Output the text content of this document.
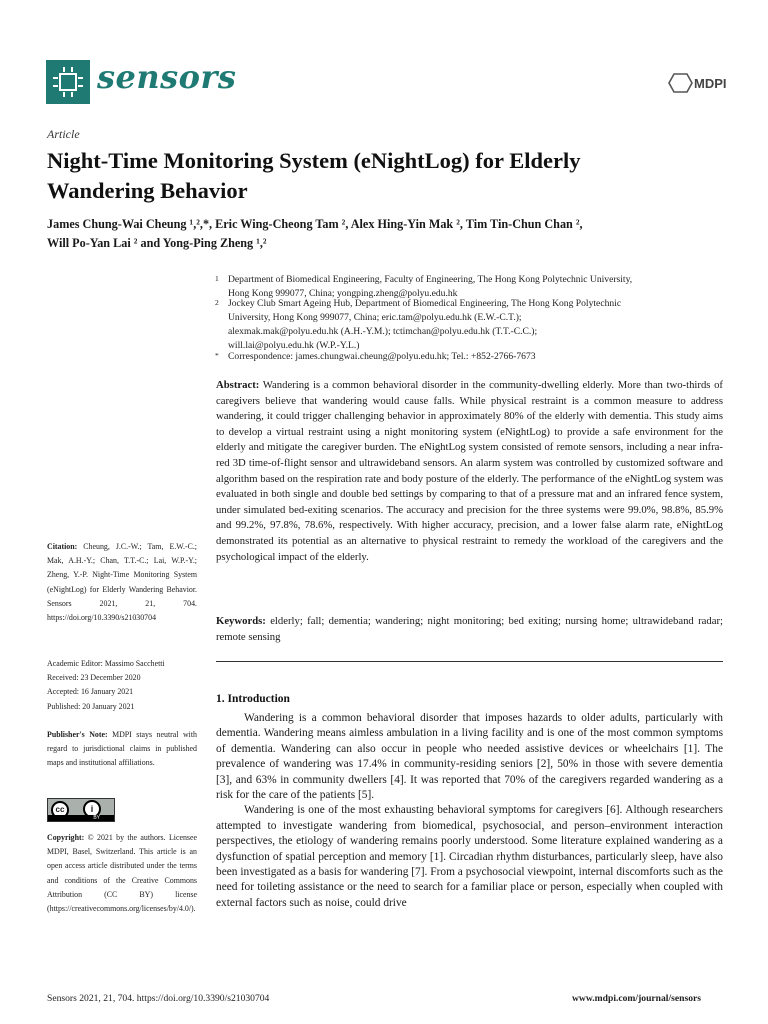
sensors	MDPI
Article
Night-Time Monitoring System (eNightLog) for Elderly Wandering Behavior
James Chung-Wai Cheung ¹,²,*, Eric Wing-Cheong Tam ², Alex Hing-Yin Mak ², Tim Tin-Chun Chan ²,
Will Po-Yan Lai ² and Yong-Ping Zheng ¹,²
1 Department of Biomedical Engineering, Faculty of Engineering, The Hong Kong Polytechnic University,
Hong Kong 999077, China; yongping.zheng@polyu.edu.hk
2 Jockey Club Smart Ageing Hub, Department of Biomedical Engineering, The Hong Kong Polytechnic
University, Hong Kong 999077, China; eric.tam@polyu.edu.hk (E.W.-C.T.);
alexmak.mak@polyu.edu.hk (A.H.-Y.M.); tctimchan@polyu.edu.hk (T.T.-C.C.);
will.lai@polyu.edu.hk (W.P.-Y.L.)
* Correspondence: james.chungwai.cheung@polyu.edu.hk; Tel.: +852-2766-7673
Abstract: Wandering is a common behavioral disorder in the community-dwelling elderly. More than two-thirds of caregivers believe that wandering would cause falls. While physical restraint is a common measure to address wandering, it could trigger challenging behavior in approximately 80% of the elderly with dementia. This study aims to develop a virtual restraint using a night monitoring system (eNightLog) to provide a safe environment for the elderly and mitigate the caregiver burden. The eNightLog system consisted of remote sensors, including a near infra-red 3D time-of-flight sensor and ultrawideband sensors. An alarm system was controlled by customized software and algorithm based on the respiration rate and body posture of the elderly. The performance of the eNightLog system was evaluated in both single and double bed settings by comparing to that of a pressure mat and an infrared fence system, under simulated bed-exiting scenarios. The accuracy and precision for the three systems were 99.0%, 98.8%, 85.9% and 99.2%, 97.8%, 78.6%, respectively. With higher accuracy, precision, and a lower false alarm rate, eNightLog demonstrated its potential as an alternative to physical restraint to remedy the workload of the caregivers and the psychological impact of the elderly.
Keywords: elderly; fall; dementia; wandering; night monitoring; bed exiting; nursing home; ultrawideband radar; remote sensing
1. Introduction

Wandering is a common behavioral disorder that imposes hazards to older adults, particularly with dementia. Wandering means aimless ambulation in a living facility and is one of the most common symptoms of dementia. Wandering can also occur in people who needed assistive devices or wheelchairs [1]. The prevalence of wandering was 17.4% in community-residing seniors [2], 50% in those with severe dementia [3], and 63% in community dwellers [4]. It was reported that 70% of the caregivers regarded wandering as a risk for the care of the patients [5].

Wandering is one of the most exhausting behavioral symptoms for caregivers [6]. Although researchers attempted to investigate wandering from biomedical, psychosocial, and person–environment interaction perspectives, the etiology of wandering remains poorly understood. Some literature explained wandering as a dysfunction of spatial perception and memory [1]. Circadian rhythm disturbances, particularly sleep, have also been investigated as a basis for wandering [7]. From a psychosocial viewpoint, internal discomforts such as the need for toileting assistance or the need to search for a familiar place or person, especially when coupled with external factors such as noise, could drive

Citation: Cheung, J.C.-W.; Tam, E.W.-C.; Mak, A.H.-Y.; Chan, T.T.-C.; Lai, W.P.-Y.; Zheng, Y.-P. Night-Time Monitoring System (eNightLog) for Elderly Wandering Behavior. Sensors 2021, 21, 704. https://doi.org/10.3390/s21030704
Academic Editor: Massimo Sacchetti
Received: 23 December 2020
Accepted: 16 January 2021
Published: 20 January 2021
Publisher's Note: MDPI stays neutral with regard to jurisdictional claims in published maps and institutional affiliations.
cc	i
BY
Copyright: © 2021 by the authors. Licensee MDPI, Basel, Switzerland. This article is an open access article distributed under the terms and conditions of the Creative Commons Attribution (CC BY) license (https://creativecommons.org/licenses/by/4.0/).
Sensors 2021, 21, 704. https://doi.org/10.3390/s21030704	www.mdpi.com/journal/sensors
